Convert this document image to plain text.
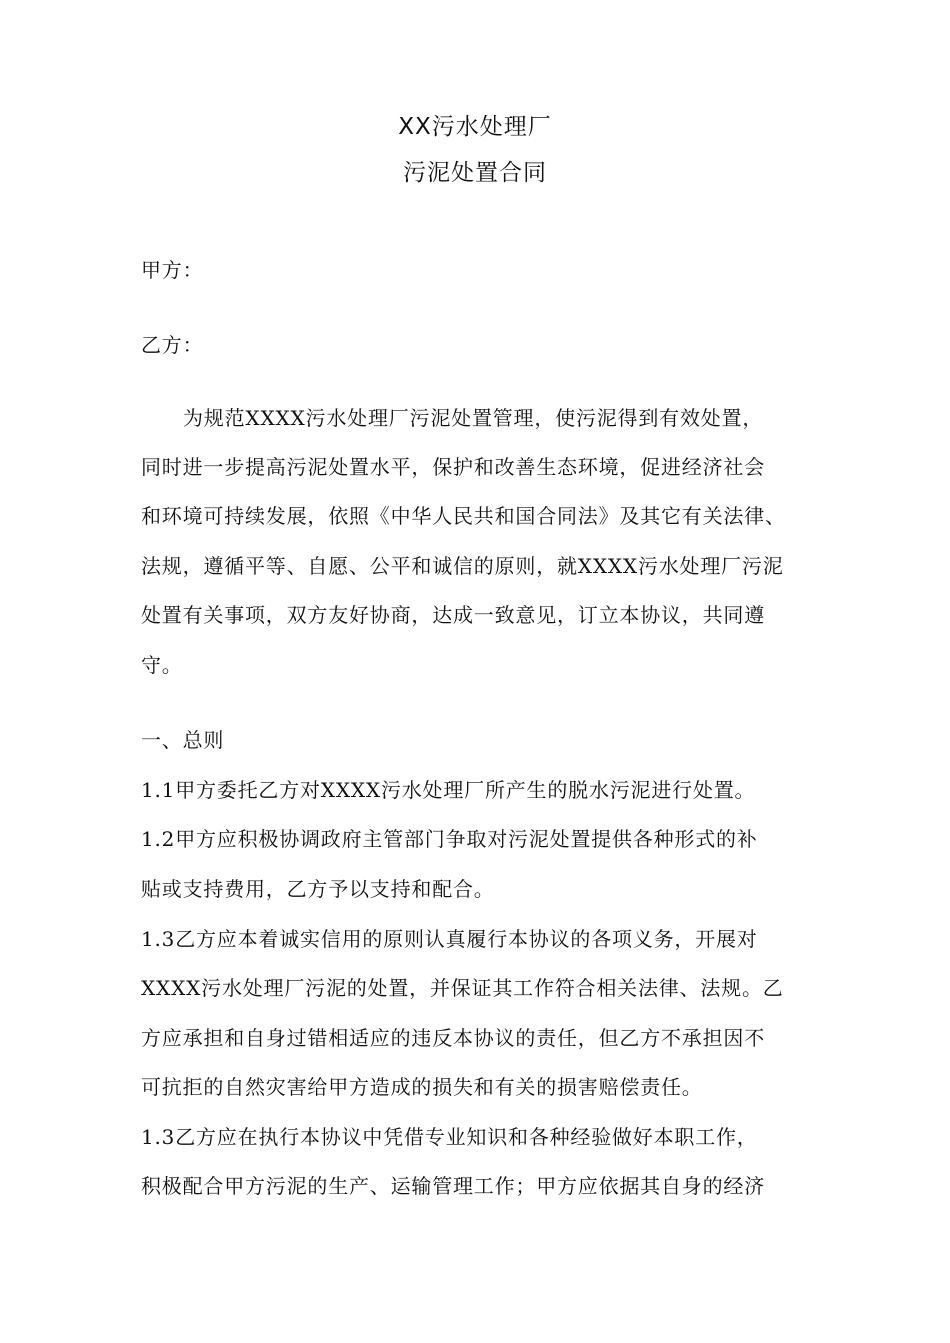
XX污水处理厂
污泥处置合同
甲方：
乙方：
为规范XXXX污水处理厂污泥处置管理，使污泥得到有效处置，
同时进一步提高污泥处置水平，保护和改善生态环境，促进经济社会
和环境可持续发展，依照《中华人民共和国合同法》及其它有关法律、
法规，遵循平等、自愿、公平和诚信的原则，就XXXX污水处理厂污泥
处置有关事项，双方友好协商，达成一致意见，订立本协议，共同遵
守。
一、总则
1.1甲方委托乙方对XXXX污水处理厂所产生的脱水污泥进行处置。
1.2甲方应积极协调政府主管部门争取对污泥处置提供各种形式的补
贴或支持费用，乙方予以支持和配合。
1.3乙方应本着诚实信用的原则认真履行本协议的各项义务，开展对
XXXX污水处理厂污泥的处置，并保证其工作符合相关法律、法规。乙
方应承担和自身过错相适应的违反本协议的责任，但乙方不承担因不
可抗拒的自然灾害给甲方造成的损失和有关的损害赔偿责任。
1.3乙方应在执行本协议中凭借专业知识和各种经验做好本职工作，
积极配合甲方污泥的生产、运输管理工作；甲方应依据其自身的经济
